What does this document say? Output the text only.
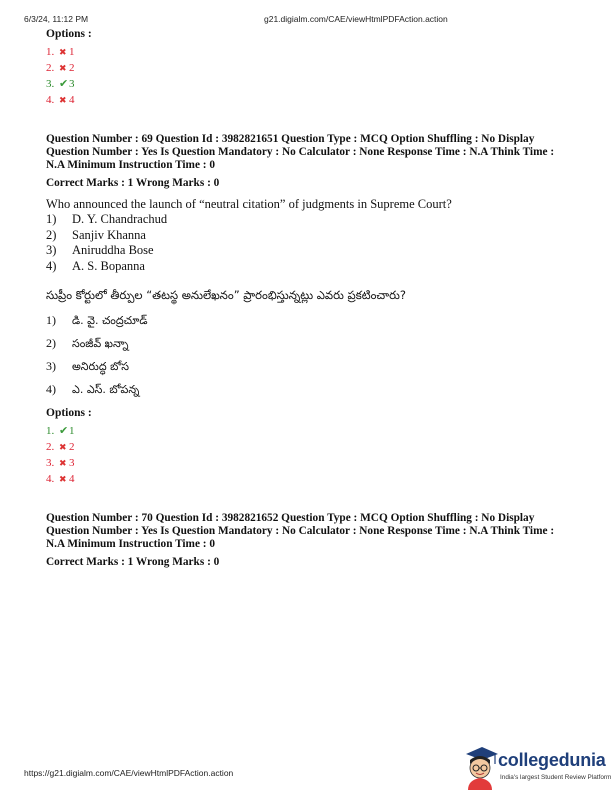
6/3/24, 11:12 PM	g21.digialm.com/CAE/viewHtmlPDFAction.action
Options :
1. ✖ 1
2. ✖ 2
3. ✔ 3
4. ✖ 4
Question Number : 69 Question Id : 3982821651 Question Type : MCQ Option Shuffling : No Display
Question Number : Yes Is Question Mandatory : No Calculator : None Response Time : N.A Think Time :
N.A Minimum Instruction Time : 0
Correct Marks : 1 Wrong Marks : 0
Who announced the launch of “neutral citation” of judgments in Supreme Court?
1)	D. Y. Chandrachud
2)	Sanjiv Khanna
3)	Aniruddha Bose
4)	A. S. Bopanna
సుప్రీం కోర్టులో తీర్పుల “తటస్థ అనులేఖనం” ప్రారంభిస్తున్నట్లు ఎవరు ప్రకటించారు?
1)	డి. వై. చంద్రచూడ్
2)	సంజీవ్ ఖన్నా
3)	అనిరుద్ధ బోస
4)	ఎ. ఎస్. బోపన్న
Options :
1. ✔ 1
2. ✖ 2
3. ✖ 3
4. ✖ 4
Question Number : 70 Question Id : 3982821652 Question Type : MCQ Option Shuffling : No Display
Question Number : Yes Is Question Mandatory : No Calculator : None Response Time : N.A Think Time :
N.A Minimum Instruction Time : 0
Correct Marks : 1 Wrong Marks : 0
https://g21.digialm.com/CAE/viewHtmlPDFAction.action
collegedunia
India's largest Student Review Platform
